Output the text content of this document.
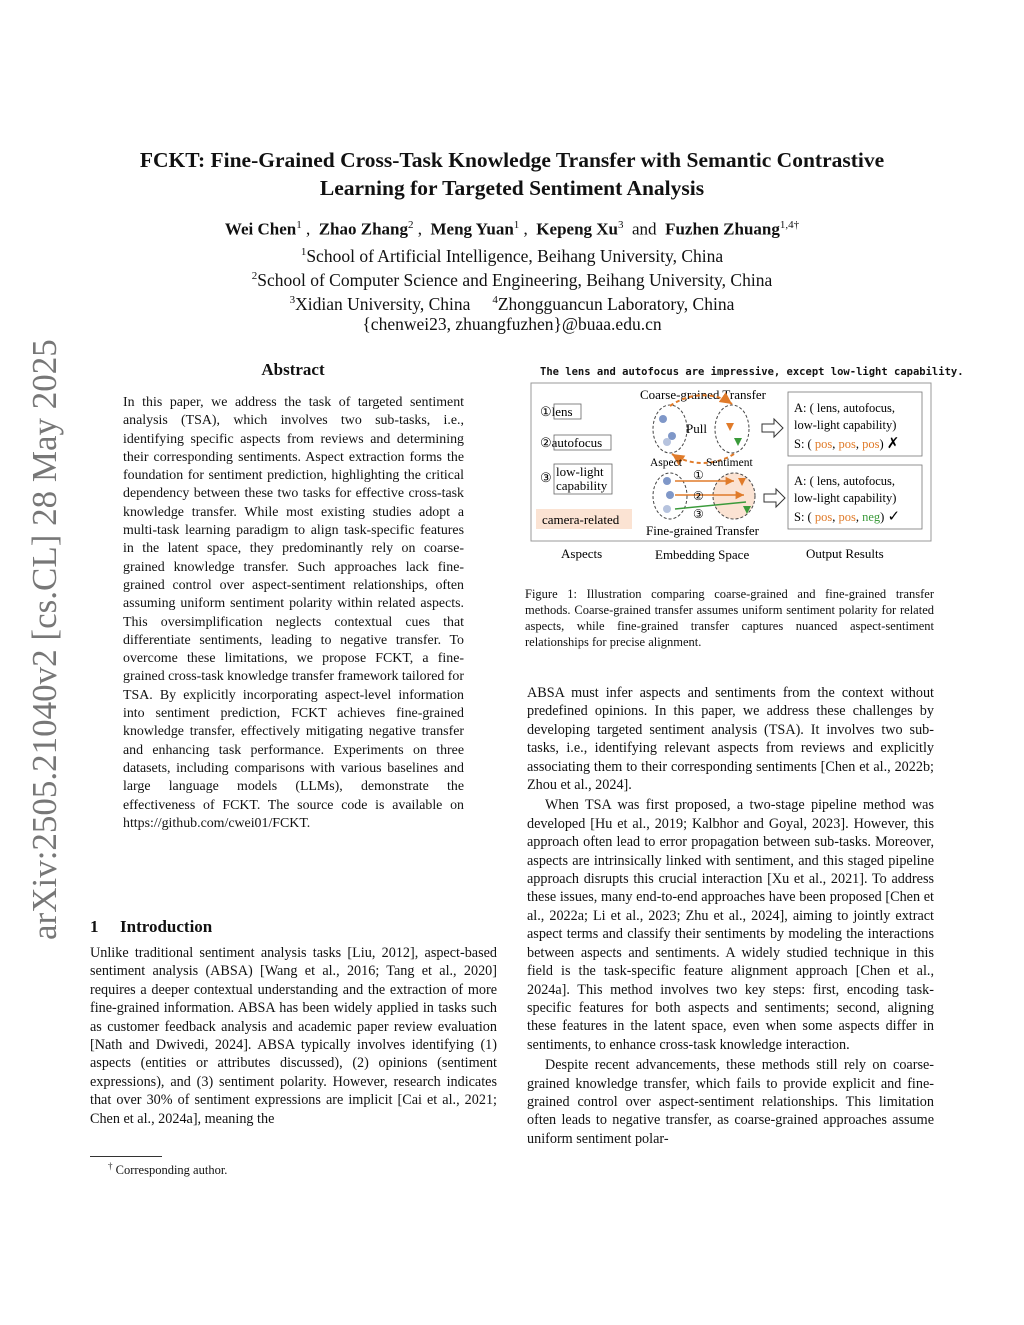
arXiv:2505.21040v2 [cs.CL] 28 May 2025
FCKT: Fine-Grained Cross-Task Knowledge Transfer with Semantic Contrastive
Learning for Targeted Sentiment Analysis
Wei Chen$^1$ ,  Zhao Zhang$^2$ ,  Meng Yuan$^1$ ,  Kepeng Xu$^3$ and Fuzhen Zhuang$^{1,4\dagger}$
$^1$School of Artificial Intelligence, Beihang University, China
$^2$School of Computer Science and Engineering, Beihang University, China
$^3$Xidian University, China $^4$Zhongguancun Laboratory, China
{chenwei23, zhuangfuzhen}@buaa.edu.cn
Abstract
In this paper, we address the task of targeted sentiment analysis (TSA), which involves two sub-tasks, i.e., identifying specific aspects from reviews and determining their corresponding sentiments. Aspect extraction forms the foundation for sentiment prediction, highlighting the critical dependency between these two tasks for effective cross-task knowledge transfer. While most existing studies adopt a multi-task learning paradigm to align task-specific features in the latent space, they predominantly rely on coarse-grained knowledge transfer. Such approaches lack fine-grained control over aspect-sentiment relationships, often assuming uniform sentiment polarity within related aspects. This oversimplification neglects contextual cues that differentiate sentiments, leading to negative transfer. To overcome these limitations, we propose FCKT, a fine-grained cross-task knowledge transfer framework tailored for TSA. By explicitly incorporating aspect-level information into sentiment prediction, FCKT achieves fine-grained knowledge transfer, effectively mitigating negative transfer and enhancing task performance. Experiments on three datasets, including comparisons with various baselines and large language models (LLMs), demonstrate the effectiveness of FCKT. The source code is available on https://github.com/cwei01/FCKT.
1 Introduction
Unlike traditional sentiment analysis tasks [Liu, 2012], aspect-based sentiment analysis (ABSA) [Wang et al., 2016; Tang et al., 2020] requires a deeper contextual understanding and the extraction of more fine-grained information. ABSA has been widely applied in tasks such as customer feedback analysis and academic paper review evaluation [Nath and Dwivedi, 2024]. ABSA typically involves identifying (1) aspects (entities or attributes discussed), (2) opinions (sentiment expressions), and (3) sentiment polarity. However, research indicates that over 30% of sentiment expressions are implicit [Cai et al., 2021; Chen et al., 2024a], meaning the
† Corresponding author.
The lens and autofocus are impressive, except low-light capability.
①lens
②autofocus
③ low-light
capability
camera-related
Coarse-grained Transfer
Pull
Aspect Sentiment
①
②
③
Fine-grained Transfer
A: ( lens, autofocus,
low-light capability)
S: ( pos, pos, pos) ✗
A: ( lens, autofocus,
low-light capability)
S: ( pos, pos, neg) ✓
Aspects	Embedding Space	Output Results
Figure 1: Illustration comparing coarse-grained and fine-grained transfer methods. Coarse-grained transfer assumes uniform sentiment polarity for related aspects, while fine-grained transfer captures nuanced aspect-sentiment relationships for precise alignment.

ABSA must infer aspects and sentiments from the context without predefined opinions. In this paper, we address these challenges by developing targeted sentiment analysis (TSA). It involves two sub-tasks, i.e., identifying relevant aspects from reviews and explicitly associating them to their corresponding sentiments [Chen et al., 2022b; Zhou et al., 2024].

When TSA was first proposed, a two-stage pipeline method was developed [Hu et al., 2019; Kalbhor and Goyal, 2023]. However, this approach often lead to error propagation between sub-tasks. Moreover, aspects are intrinsically linked with sentiment, and this staged pipeline approach disrupts this crucial interaction [Xu et al., 2021]. To address these issues, many end-to-end approaches have been proposed [Chen et al., 2022a; Li et al., 2023; Zhu et al., 2024], aiming to jointly extract aspect terms and classify their sentiments by modeling the interactions between aspects and sentiments. A widely studied technique in this field is the task-specific feature alignment approach [Chen et al., 2024a]. This method involves two key steps: first, encoding task-specific features for both aspects and sentiments; second, aligning these features in the latent space, even when some aspects differ in sentiments, to enhance cross-task knowledge interaction.

Despite recent advancements, these methods still rely on coarse-grained knowledge transfer, which fails to provide explicit and fine-grained control over aspect-sentiment relationships. This limitation often leads to negative transfer, as coarse-grained approaches assume uniform sentiment polar-
